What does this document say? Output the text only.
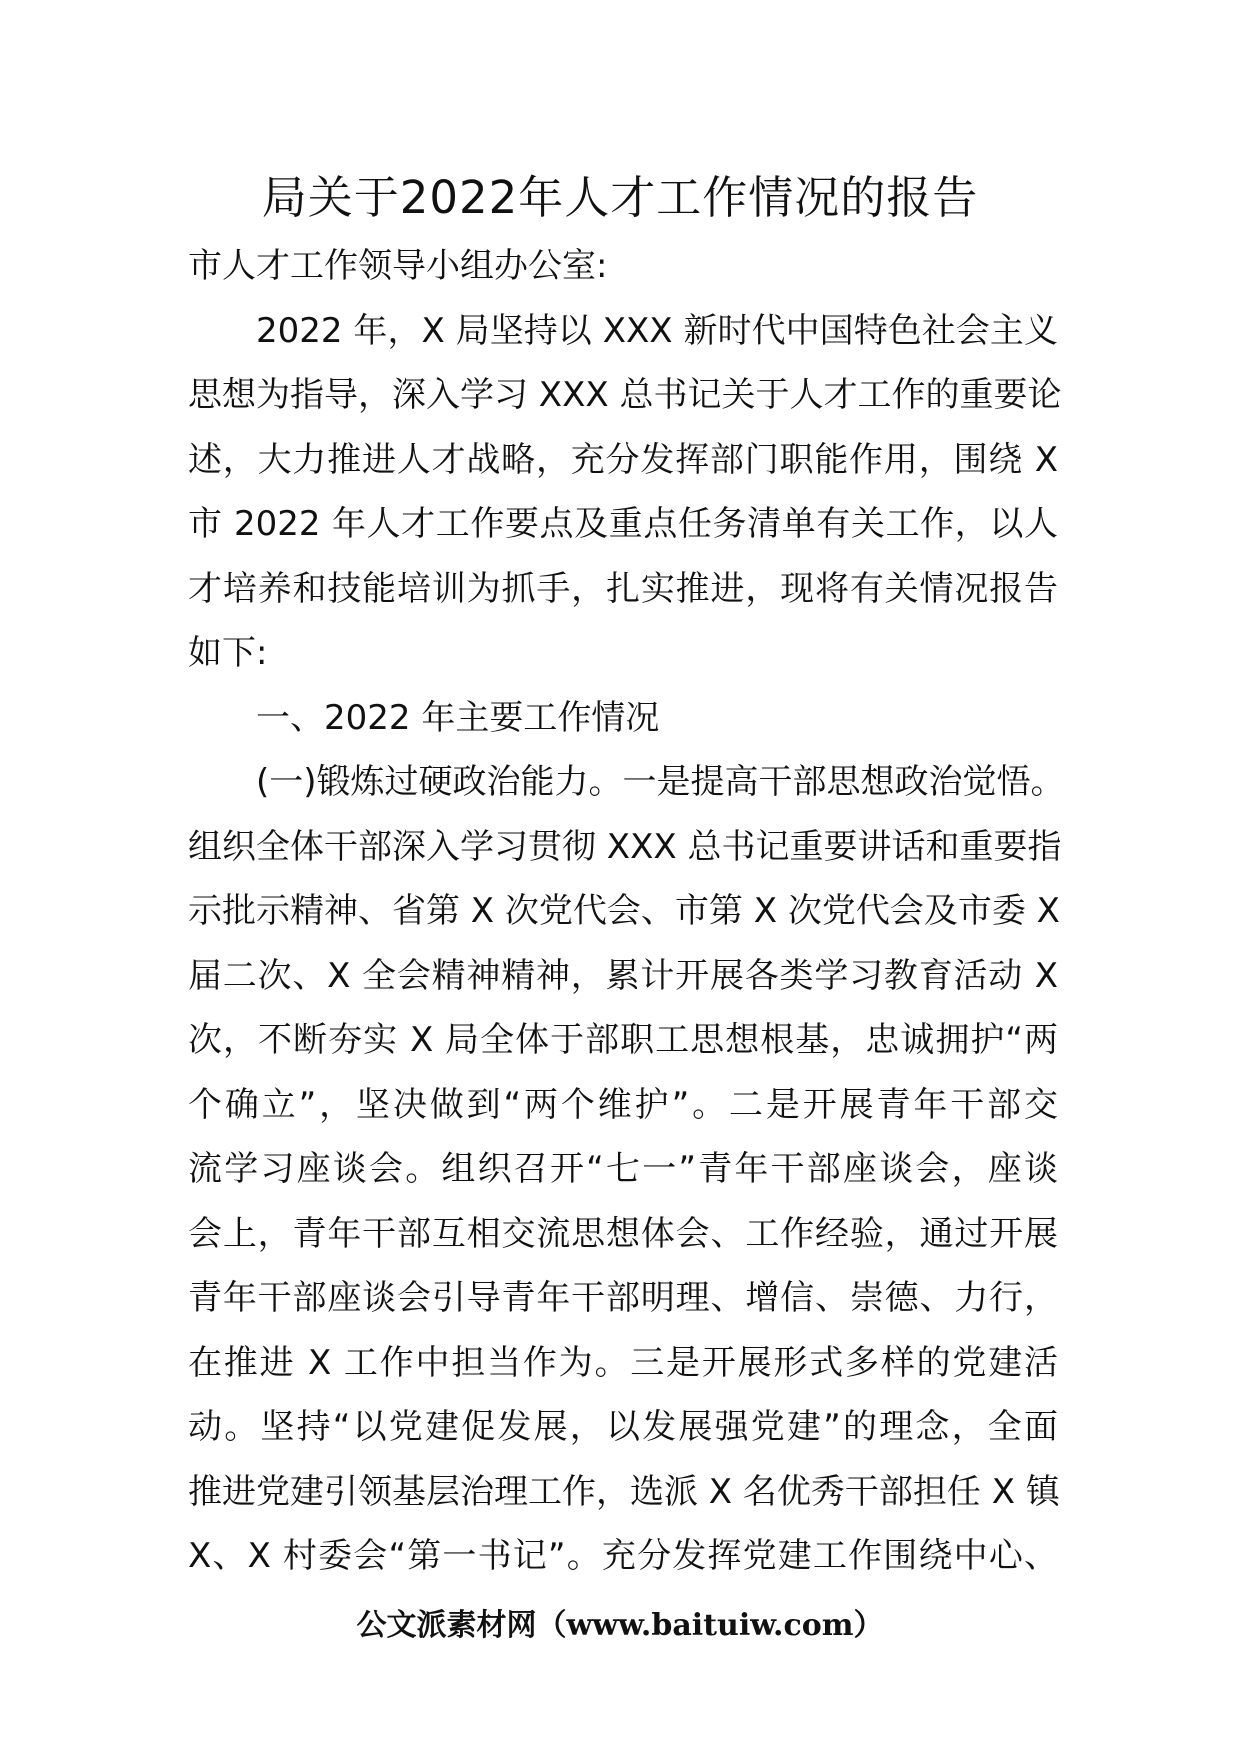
局关于2022年人才工作情况的报告
市人才工作领导小组办公室:
2022 年，X 局坚持以 XXX 新时代中国特色社会主义
思想为指导，深入学习 XXX 总书记关于人才工作的重要论
述，大力推进人才战略，充分发挥部门职能作用，围绕 X
市 2022 年人才工作要点及重点任务清单有关工作，以人
才培养和技能培训为抓手，扎实推进，现将有关情况报告
如下:
一、2022 年主要工作情况
(一)锻炼过硬政治能力。一是提高干部思想政治觉悟。
组织全体干部深入学习贯彻 XXX 总书记重要讲话和重要指
示批示精神、省第 X 次党代会、市第 X 次党代会及市委 X
届二次、X 全会精神精神，累计开展各类学习教育活动 X
次，不断夯实 X 局全体于部职工思想根基，忠诚拥护“两
个确立”，坚决做到“两个维护”。二是开展青年干部交
流学习座谈会。组织召开“七一”青年干部座谈会，座谈
会上，青年干部互相交流思想体会、工作经验，通过开展
青年干部座谈会引导青年干部明理、增信、崇德、力行，
在推进 X 工作中担当作为。三是开展形式多样的党建活
动。坚持“以党建促发展，以发展强党建”的理念，全面
推进党建引领基层治理工作，选派 X 名优秀干部担任 X 镇
X、X 村委会“第一书记”。充分发挥党建工作围绕中心、
公文派素材网（www.baituiw.com）
